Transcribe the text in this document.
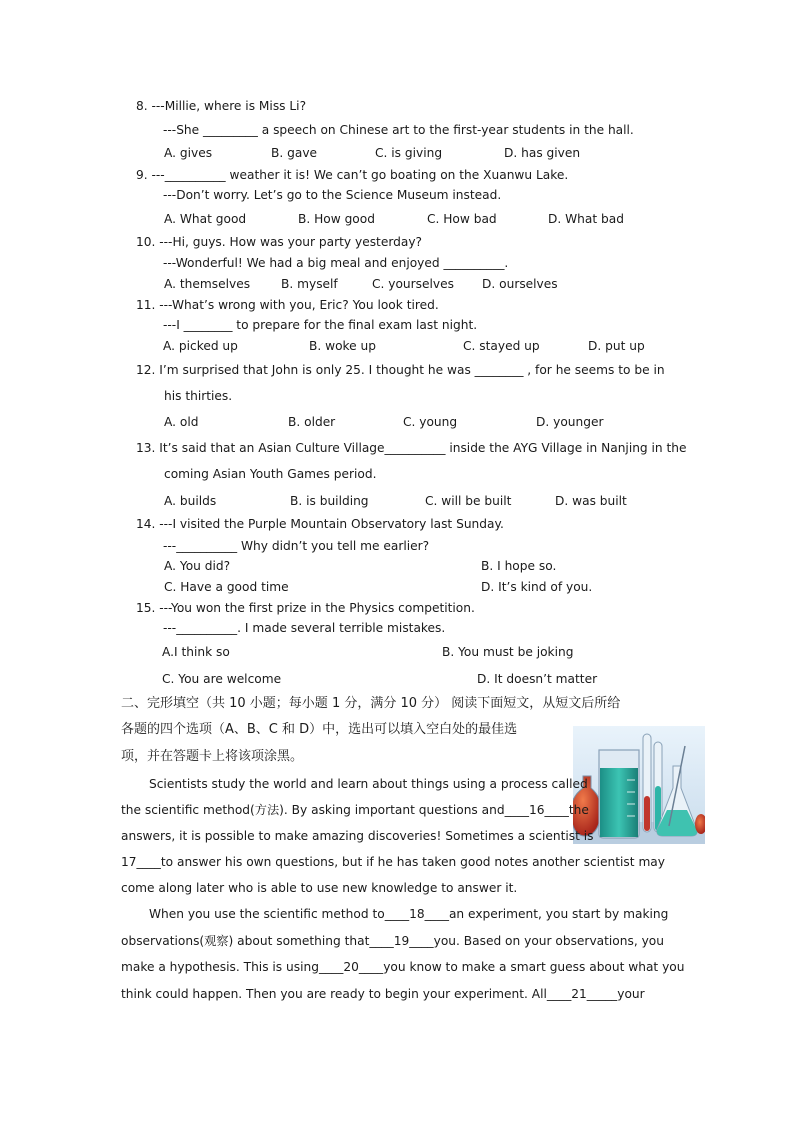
8. ---Millie, where is Miss Li?
---She _________ a speech on Chinese art to the first-year students in the hall.
A. gives	B. gave	C. is giving	D. has given
9. ---__________ weather it is! We can’t go boating on the Xuanwu Lake.
---Don’t worry. Let’s go to the Science Museum instead.
A. What good	B. How good	C. How bad	D. What bad
10. ---Hi, guys. How was your party yesterday?
---Wonderful! We had a big meal and enjoyed __________.
A. themselves	B. myself	C. yourselves D. ourselves
11. ---What’s wrong with you, Eric? You look tired.
---I ________ to prepare for the final exam last night.
A. picked up	B. woke up	C. stayed up	D. put up
12. I’m surprised that John is only 25. I thought he was ________ , for he seems to be in
his thirties.
A. old	B. older	C. young	D. younger
13. It’s said that an Asian Culture Village__________ inside the AYG Village in Nanjing in the
coming Asian Youth Games period.
A. builds	B. is building	C. will be built	D. was built
14. ---I visited the Purple Mountain Observatory last Sunday.
---__________ Why didn’t you tell me earlier?
A. You did?	B. I hope so.
C. Have a good time	D. It’s kind of you.
15. ---You won the first prize in the Physics competition.
---__________. I made several terrible mistakes.
A.I think so	B. You must be joking
C. You are welcome	D. It doesn’t matter
二、完形填空（共 10 小题；每小题 1 分，满分 10 分） 阅读下面短文，从短文后所给
各题的四个选项（A、B、C 和 D）中，选出可以填入空白处的最佳选
项，并在答题卡上将该项涂黑。
Scientists study the world and learn about things using a process called
the scientific method(方法). By asking important questions and____16____the
answers, it is possible to make amazing discoveries! Sometimes a scientist is
17____to answer his own questions, but if he has taken good notes another scientist may
come along later who is able to use new knowledge to answer it.
When you use the scientific method to____18____an experiment, you start by making
observations(观察) about something that____19____you. Based on your observations, you
make a hypothesis. This is using____20____you know to make a smart guess about what you
think could happen. Then you are ready to begin your experiment. All____21_____your
